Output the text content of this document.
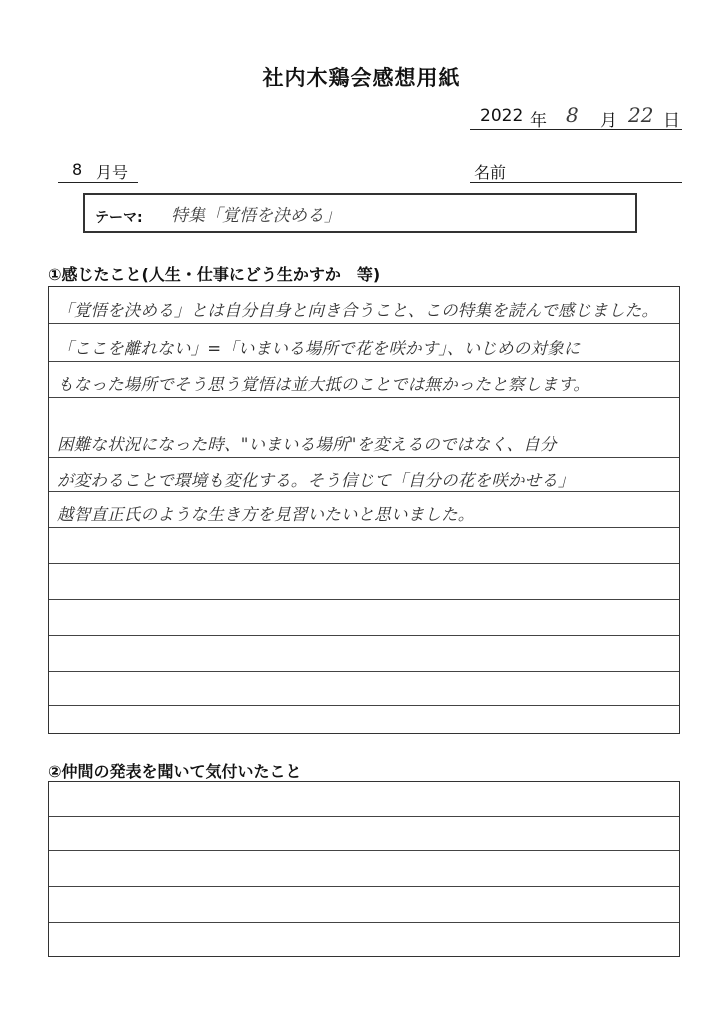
社内木鶏会感想用紙
2022 年 8 月 22 日
8 月号	名前
テーマ: 特集「覚悟を決める」
①感じたこと(人生・仕事にどう生かすか　等)
「覚悟を決める」とは自分自身と向き合うこと、この特集を読んで感じました。
「ここを離れない」=「いまいる場所で花を咲かす」、いじめの対象に
もなった場所でそう思う覚悟は並大抵のことでは無かったと察します。
困難な状況になった時、"いまいる場所"を変えるのではなく、自分
が変わることで環境も変化する。そう信じて「自分の花を咲かせる」
越智直正氏のような生き方を見習いたいと思いました。
②仲間の発表を聞いて気付いたこと
